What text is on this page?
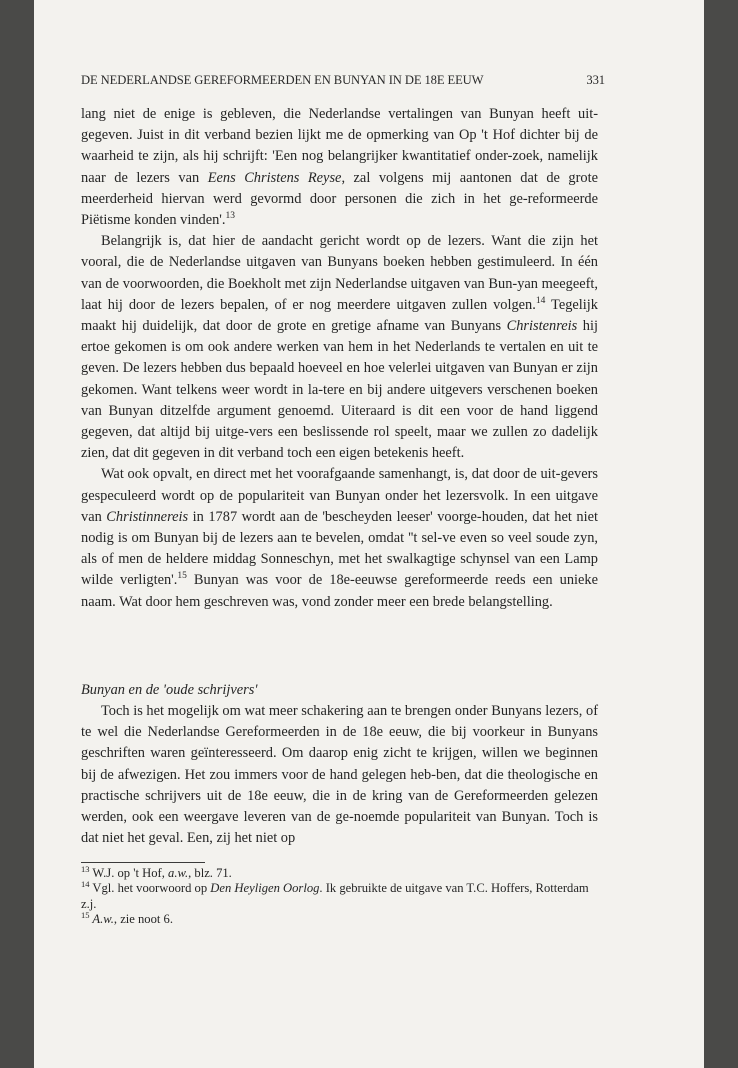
DE NEDERLANDSE GEREFORMEERDEN EN BUNYAN IN DE 18E EEUW	331

lang niet de enige is gebleven, die Nederlandse vertalingen van Bunyan heeft uit-gegeven. Juist in dit verband bezien lijkt me de opmerking van Op 't Hof dichter bij de waarheid te zijn, als hij schrijft: 'Een nog belangrijker kwantitatief onder-zoek, namelijk naar de lezers van Eens Christens Reyse, zal volgens mij aantonen dat de grote meerderheid hiervan werd gevormd door personen die zich in het ge-reformeerde Piëtisme konden vinden'.$^{13}$

Belangrijk is, dat hier de aandacht gericht wordt op de lezers. Want die zijn het vooral, die de Nederlandse uitgaven van Bunyans boeken hebben gestimuleerd. In één van de voorwoorden, die Boekholt met zijn Nederlandse uitgaven van Bun-yan meegeeft, laat hij door de lezers bepalen, of er nog meerdere uitgaven zullen volgen.$^{14}$ Tegelijk maakt hij duidelijk, dat door de grote en gretige afname van Bunyans Christenreis hij ertoe gekomen is om ook andere werken van hem in het Nederlands te vertalen en uit te geven. De lezers hebben dus bepaald hoeveel en hoe velerlei uitgaven van Bunyan er zijn gekomen. Want telkens weer wordt in la-tere en bij andere uitgevers verschenen boeken van Bunyan ditzelfde argument genoemd. Uiteraard is dit een voor de hand liggend gegeven, dat altijd bij uitge-vers een beslissende rol speelt, maar we zullen zo dadelijk zien, dat dit gegeven in dit verband toch een eigen betekenis heeft.

Wat ook opvalt, en direct met het voorafgaande samenhangt, is, dat door de uit-gevers gespeculeerd wordt op de populariteit van Bunyan onder het lezersvolk. In een uitgave van Christinnereis in 1787 wordt aan de 'bescheyden leeser' voorge-houden, dat het niet nodig is om Bunyan bij de lezers aan te bevelen, omdat ''t sel-ve even so veel soude zyn, als of men de heldere middag Sonneschyn, met het swalkagtige schynsel van een Lamp wilde verligten'.$^{15}$ Bunyan was voor de 18e-eeuwse gereformeerde reeds een unieke naam. Wat door hem geschreven was, vond zonder meer een brede belangstelling.

Bunyan en de 'oude schrijvers'

Toch is het mogelijk om wat meer schakering aan te brengen onder Bunyans lezers, of te wel die Nederlandse Gereformeerden in de 18e eeuw, die bij voorkeur in Bunyans geschriften waren geïnteresseerd. Om daarop enig zicht te krijgen, willen we beginnen bij de afwezigen. Het zou immers voor de hand gelegen heb-ben, dat die theologische en practische schrijvers uit de 18e eeuw, die in de kring van de Gereformeerden gelezen werden, ook een weergave leveren van de ge-noemde populariteit van Bunyan. Toch is dat niet het geval. Een, zij het niet op

$^{13}$ W.J. op 't Hof, a.w., blz. 71.

$^{14}$ Vgl. het voorwoord op Den Heyligen Oorlog. Ik gebruikte de uitgave van T.C. Hoffers, Rotterdam z.j.

$^{15}$ A.w., zie noot 6.
